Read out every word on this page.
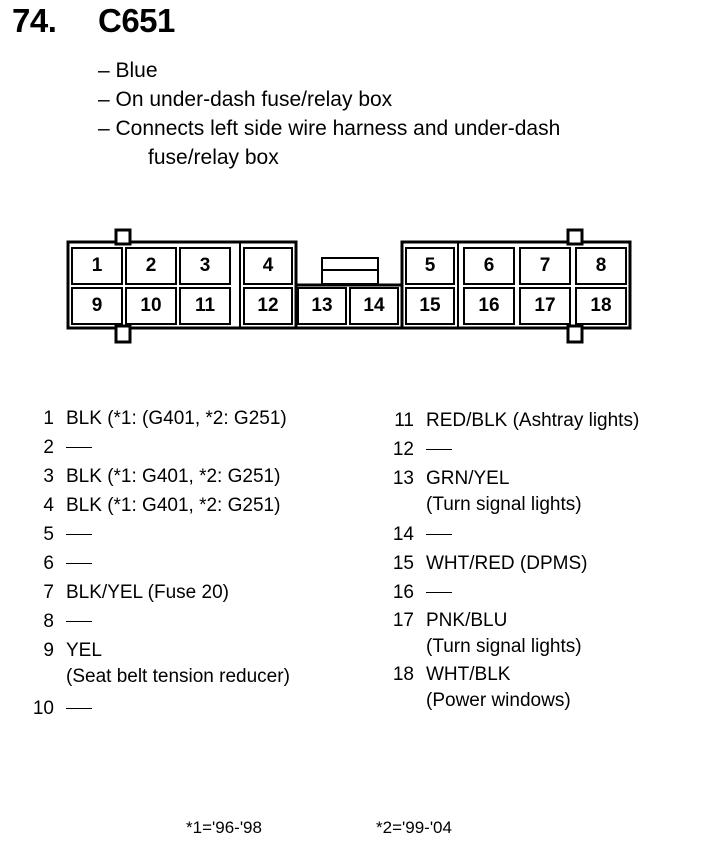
74. C651
– Blue
– On under-dash fuse/relay box
– Connects left side wire harness and under-dash
fuse/relay box
1	2	3	4	5	6	7	8
9	10	11	12	13	14	15	16	17	18
1 BLK (*1: (G401, *2: G251)
2
3 BLK (*1: G401, *2: G251)
4 BLK (*1: G401, *2: G251)
5
6
7 BLK/YEL (Fuse 20)
8
9 YEL
(Seat belt tension reducer)
10
11 RED/BLK (Ashtray lights)
12
13 GRN/YEL
(Turn signal lights)
14
15 WHT/RED (DPMS)
16
17 PNK/BLU
(Turn signal lights)
18 WHT/BLK
(Power windows)
*1='96-'98	*2='99-'04
